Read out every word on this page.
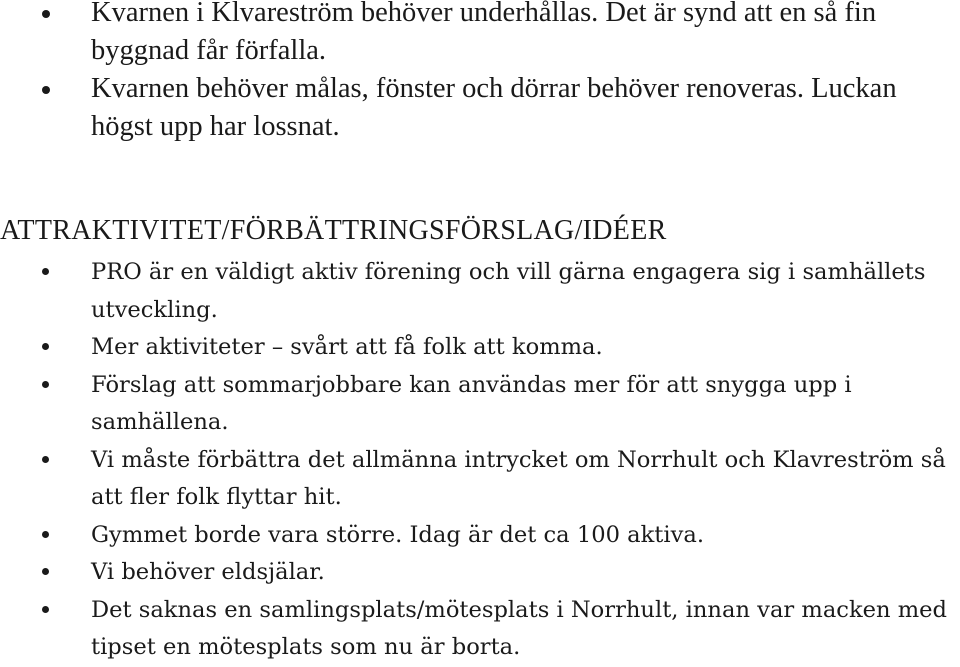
Kvarnen i Klvareström behöver underhållas. Det är synd att en så fin byggnad får förfalla.
Kvarnen behöver målas, fönster och dörrar behöver renoveras. Luckan högst upp har lossnat.
ATTRAKTIVITET/FÖRBÄTTRINGSFÖRSLAG/IDÉER
PRO är en väldigt aktiv förening och vill gärna engagera sig i samhällets utveckling.
Mer aktiviteter – svårt att få folk att komma.
Förslag att sommarjobbare kan användas mer för att snygga upp i samhällena.
Vi måste förbättra det allmänna intrycket om Norrhult och Klavreström så att fler folk flyttar hit.
Gymmet borde vara större. Idag är det ca 100 aktiva.
Vi behöver eldsjälar.
Det saknas en samlingsplats/mötesplats i Norrhult, innan var macken med tipset en mötesplats som nu är borta.
